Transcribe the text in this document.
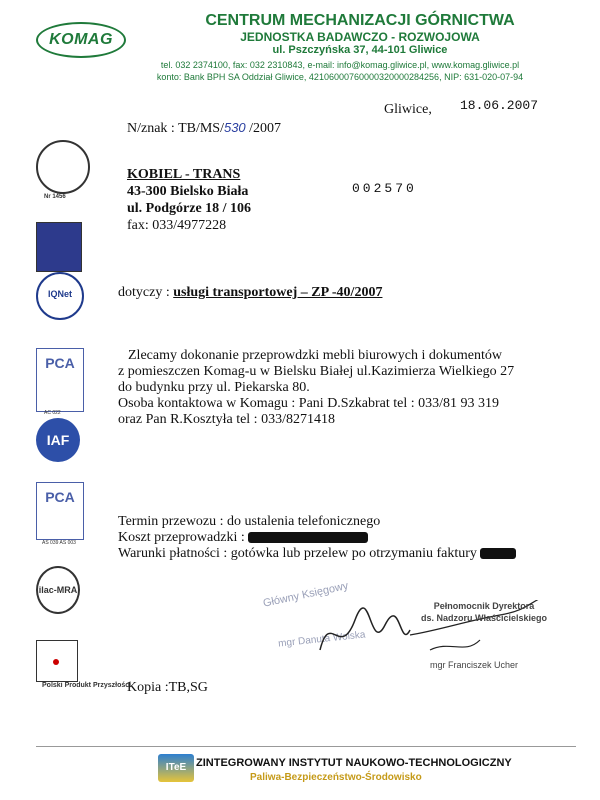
KOMAG
CENTRUM MECHANIZACJI GÓRNICTWA
JEDNOSTKA BADAWCZO - ROZWOJOWA
ul. Pszczyńska 37, 44-101 Gliwice
tel. 032 2374100, fax: 032 2310843, e-mail: info@komag.gliwice.pl, www.komag.gliwice.pl
konto: Bank BPH SA Oddział Gliwice, 42106000760000320000284256, NIP: 631-020-07-94
Gliwice, 18.06.2007
N/znak : TB/MS/530 /2007
KOBIEL - TRANS
43-300 Bielsko Biała
ul. Podgórze 18 / 106
fax: 033/4977228
002570
dotyczy : usługi transportowej – ZP -40/2007
Zlecamy dokonanie przeprowdzki mebli biurowych i dokumentów
z pomieszczen Komag-u w Bielsku Białej ul.Kazimierza Wielkiego 27
do budynku przy ul. Piekarska 80.
Osoba kontaktowa w Komagu : Pani D.Szkabrat tel : 033/81 93 319
oraz Pan R.Kosztyła tel : 033/8271418
Termin przewozu : do ustalenia telefonicznego
Koszt przeprowadzki :
Warunki płatności : gotówka lub przelew po otrzymaniu faktury
Główny Księgowy
mgr Danuta Wolska
Pełnomocnik Dyrektora
ds. Nadzoru Właścicielskiego
mgr Franciszek Ucher
Kopia :TB,SG
Nr 1456
IQNet
PCA
AC 022
IAF
PCA
AS 039 AS 003
ilac-MRA
Polski Produkt Przyszłości
ITeE ZINTEGROWANY INSTYTUT NAUKOWO-TECHNOLOGICZNY
Paliwa-Bezpieczeństwo-Środowisko
